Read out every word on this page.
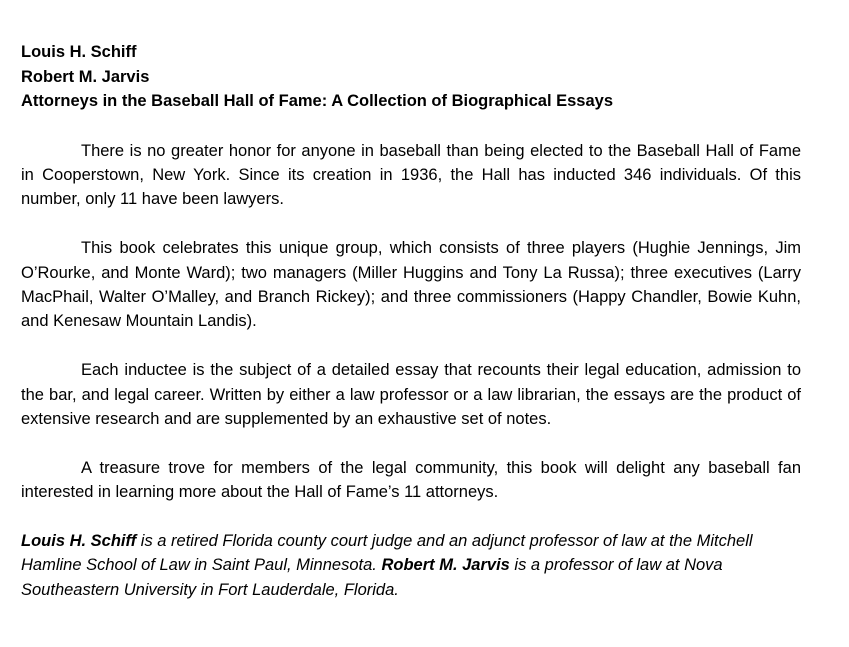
Louis H. Schiff
Robert M. Jarvis
Attorneys in the Baseball Hall of Fame: A Collection of Biographical Essays

There is no greater honor for anyone in baseball than being elected to the Baseball Hall of Fame in Cooperstown, New York. Since its creation in 1936, the Hall has inducted 346 individuals. Of this number, only 11 have been lawyers.

This book celebrates this unique group, which consists of three players (Hughie Jennings, Jim O’Rourke, and Monte Ward); two managers (Miller Huggins and Tony La Russa); three executives (Larry MacPhail, Walter O’Malley, and Branch Rickey); and three commissioners (Happy Chandler, Bowie Kuhn, and Kenesaw Mountain Landis).

Each inductee is the subject of a detailed essay that recounts their legal education, admission to the bar, and legal career. Written by either a law professor or a law librarian, the essays are the product of extensive research and are supplemented by an exhaustive set of notes.

A treasure trove for members of the legal community, this book will delight any baseball fan interested in learning more about the Hall of Fame’s 11 attorneys.

Louis H. Schiff is a retired Florida county court judge and an adjunct professor of law at the Mitchell Hamline School of Law in Saint Paul, Minnesota. Robert M. Jarvis is a professor of law at Nova Southeastern University in Fort Lauderdale, Florida.
